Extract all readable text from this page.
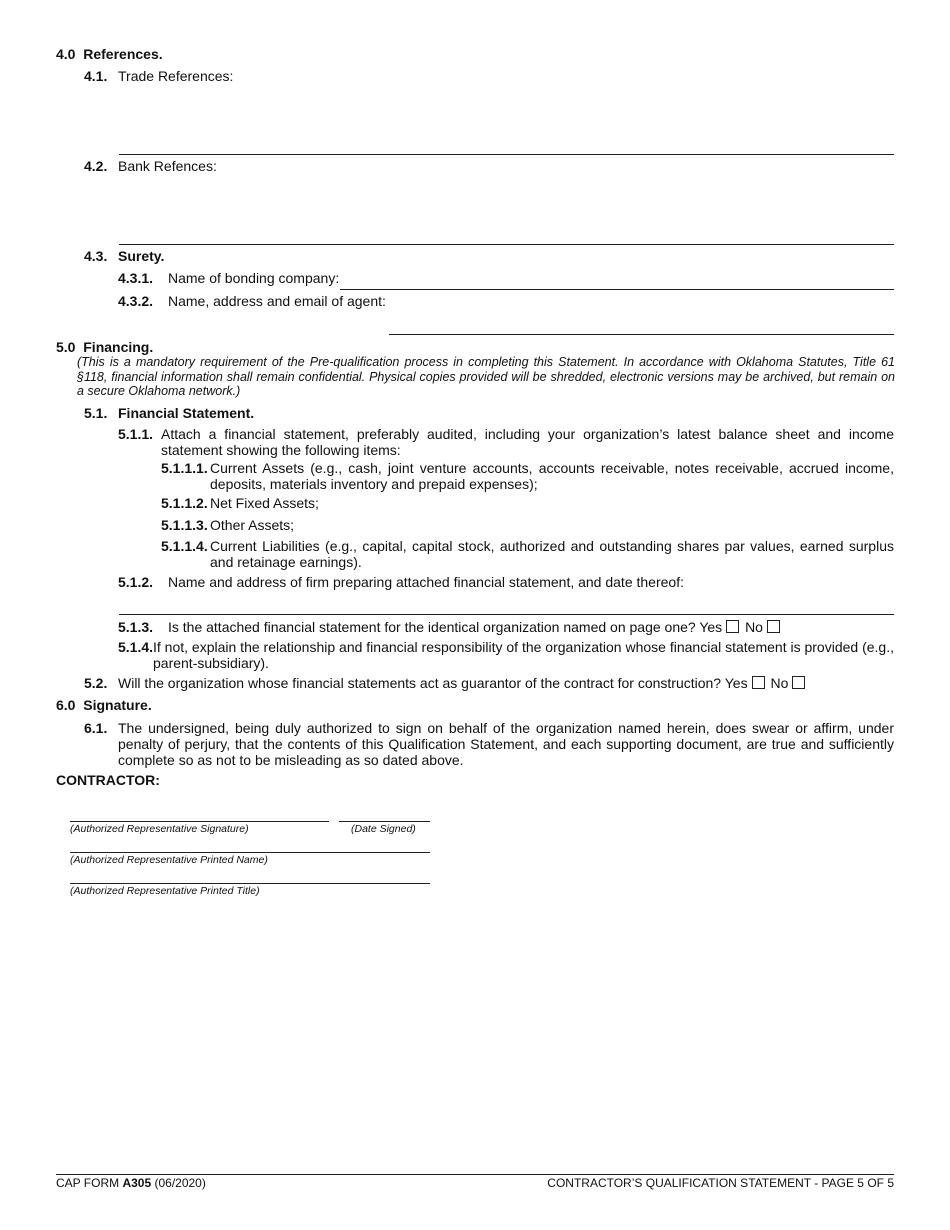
4.0 References.
4.1. Trade References:
4.2. Bank Refences:
4.3. Surety.
4.3.1. Name of bonding company:
4.3.2. Name, address and email of agent:
5.0 Financing.
(This is a mandatory requirement of the Pre-qualification process in completing this Statement. In accordance with Oklahoma Statutes, Title 61 §118, financial information shall remain confidential. Physical copies provided will be shredded, electronic versions may be archived, but remain on a secure Oklahoma network.)
5.1. Financial Statement.
5.1.1. Attach a financial statement, preferably audited, including your organization’s latest balance sheet and income statement showing the following items:
5.1.1.1. Current Assets (e.g., cash, joint venture accounts, accounts receivable, notes receivable, accrued income, deposits, materials inventory and prepaid expenses);
5.1.1.2. Net Fixed Assets;
5.1.1.3. Other Assets;
5.1.1.4. Current Liabilities (e.g., capital, capital stock, authorized and outstanding shares par values, earned surplus and retainage earnings).
5.1.2. Name and address of firm preparing attached financial statement, and date thereof:
5.1.3. Is the attached financial statement for the identical organization named on page one? Yes No
5.1.4. If not, explain the relationship and financial responsibility of the organization whose financial statement is provided (e.g., parent-subsidiary).
5.2. Will the organization whose financial statements act as guarantor of the contract for construction? Yes No
6.0 Signature.
6.1. The undersigned, being duly authorized to sign on behalf of the organization named herein, does swear or affirm, under penalty of perjury, that the contents of this Qualification Statement, and each supporting document, are true and sufficiently complete so as not to be misleading as so dated above.
CONTRACTOR:
(Authorized Representative Signature)	(Date Signed)
(Authorized Representative Printed Name)
(Authorized Representative Printed Title)
CAP FORM A305 (06/2020)	CONTRACTOR’S QUALIFICATION STATEMENT - PAGE 5 OF 5
